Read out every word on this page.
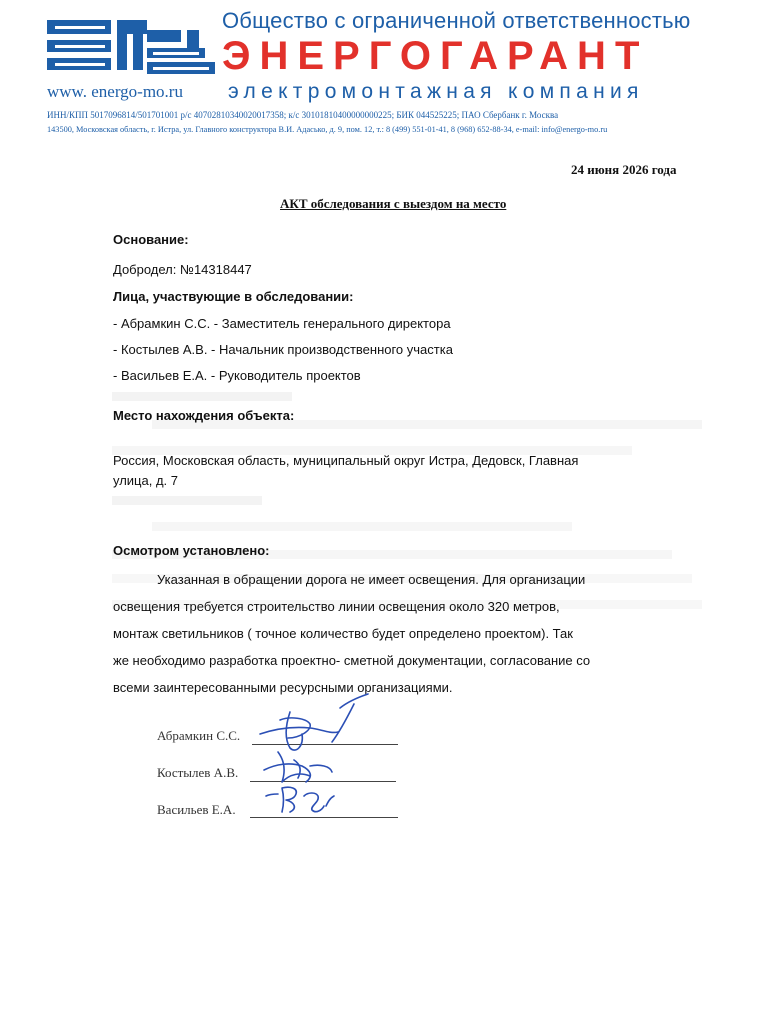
Общество с ограниченной ответственностью
ЭНЕРГОГАРАНТ
www. energo-mo.ru электромонтажная компания
ИНН/КПП 5017096814/501701001 р/с 40702810340020017358; к/с 30101810400000000225; БИК 044525225; ПАО Сбербанк г. Москва
143500, Московская область, г. Истра, ул. Главного конструктора В.И. Адасько, д. 9, пом. 12, т.: 8 (499) 551-01-41, 8 (968) 652-88-34, e-mail: info@energo-mo.ru
24 июня 2026 года
АКТ обследования с выездом на место
Основание:
Добродел: №14318447
Лица, участвующие в обследовании:
- Абрамкин С.С. - Заместитель генерального директора
- Костылев А.В. - Начальник производственного участка
- Васильев Е.А. - Руководитель проектов
Место нахождения объекта:
Россия, Московская область, муниципальный округ Истра, Дедовск, Главная
улица, д. 7
Осмотром установлено:
Указанная в обращении дорога не имеет освещения. Для организации
освещения требуется строительство линии освещения около 320 метров,
монтаж светильников ( точное количество будет определено проектом). Так
же необходимо разработка проектно- сметной документации, согласование со
всеми заинтересованными ресурсными организациями.
Абрамкин С.С.
Костылев А.В.
Васильев Е.А.
